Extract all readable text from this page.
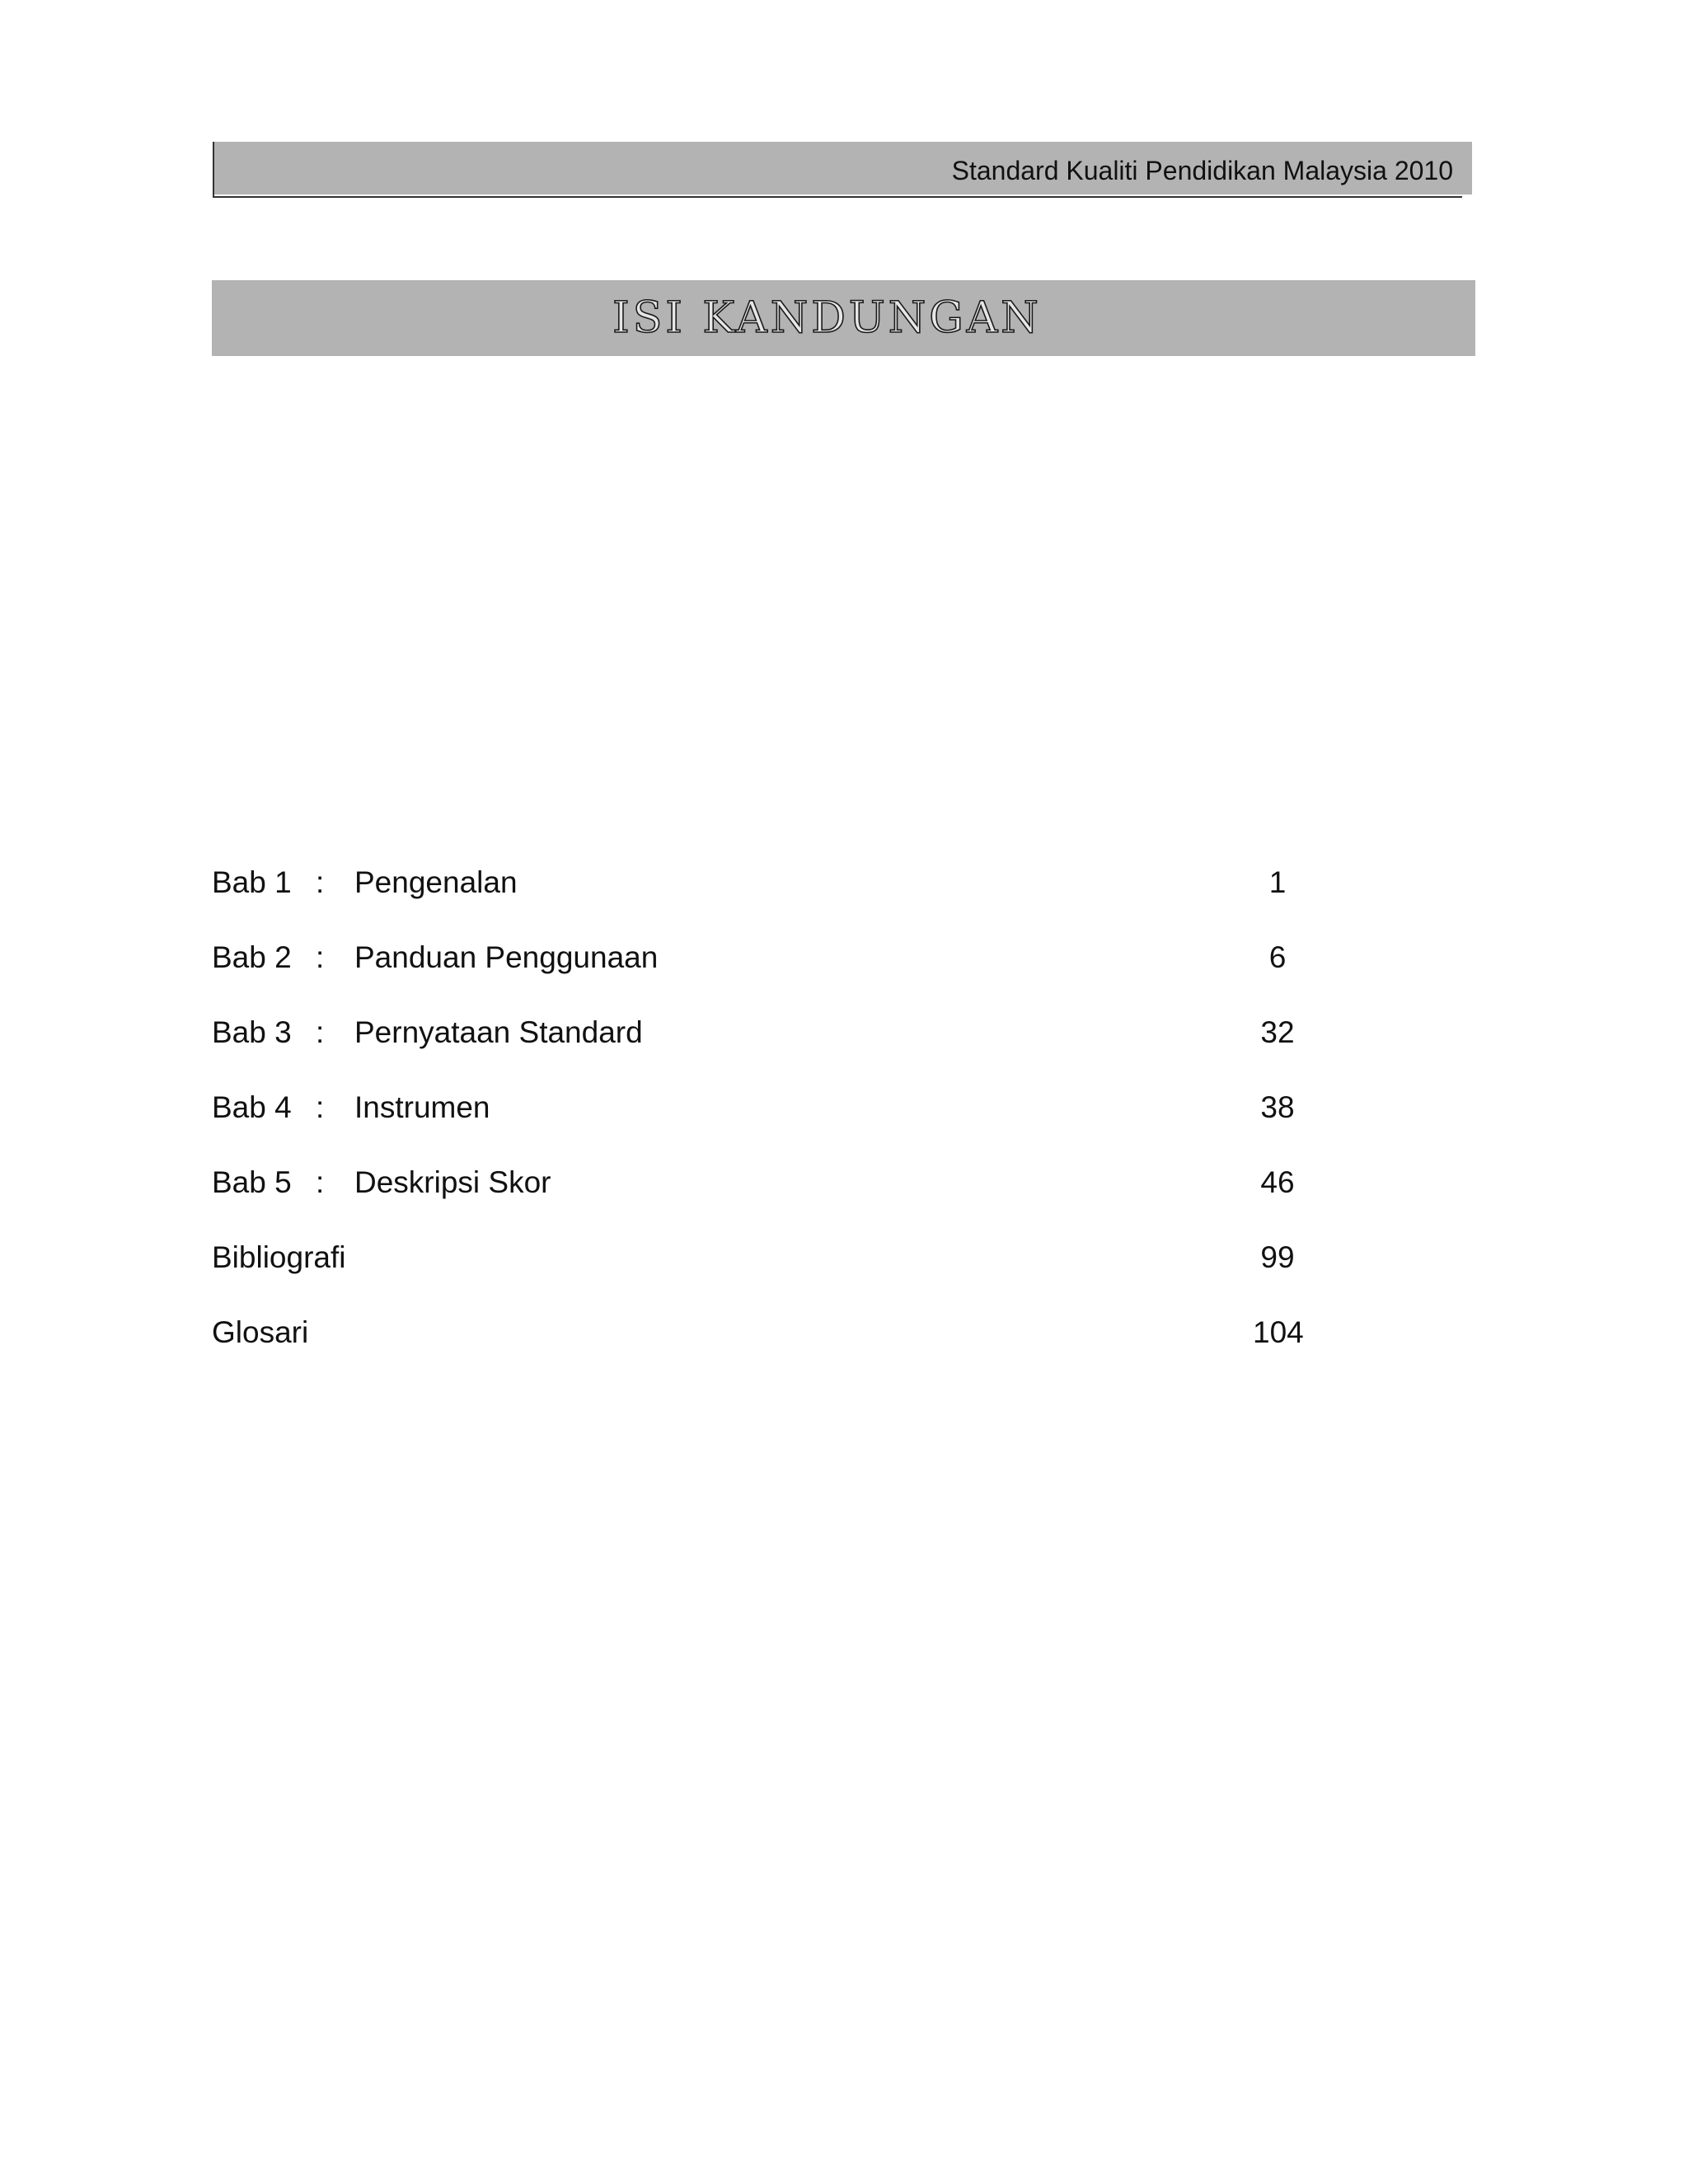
Standard Kualiti Pendidikan Malaysia 2010
ISI KANDUNGAN
Bab 1 : Pengenalan	1
Bab 2 : Panduan Penggunaan	6
Bab 3 : Pernyataan Standard	32
Bab 4 : Instrumen	38
Bab 5 : Deskripsi Skor	46
Bibliografi	99
Glosari	104
